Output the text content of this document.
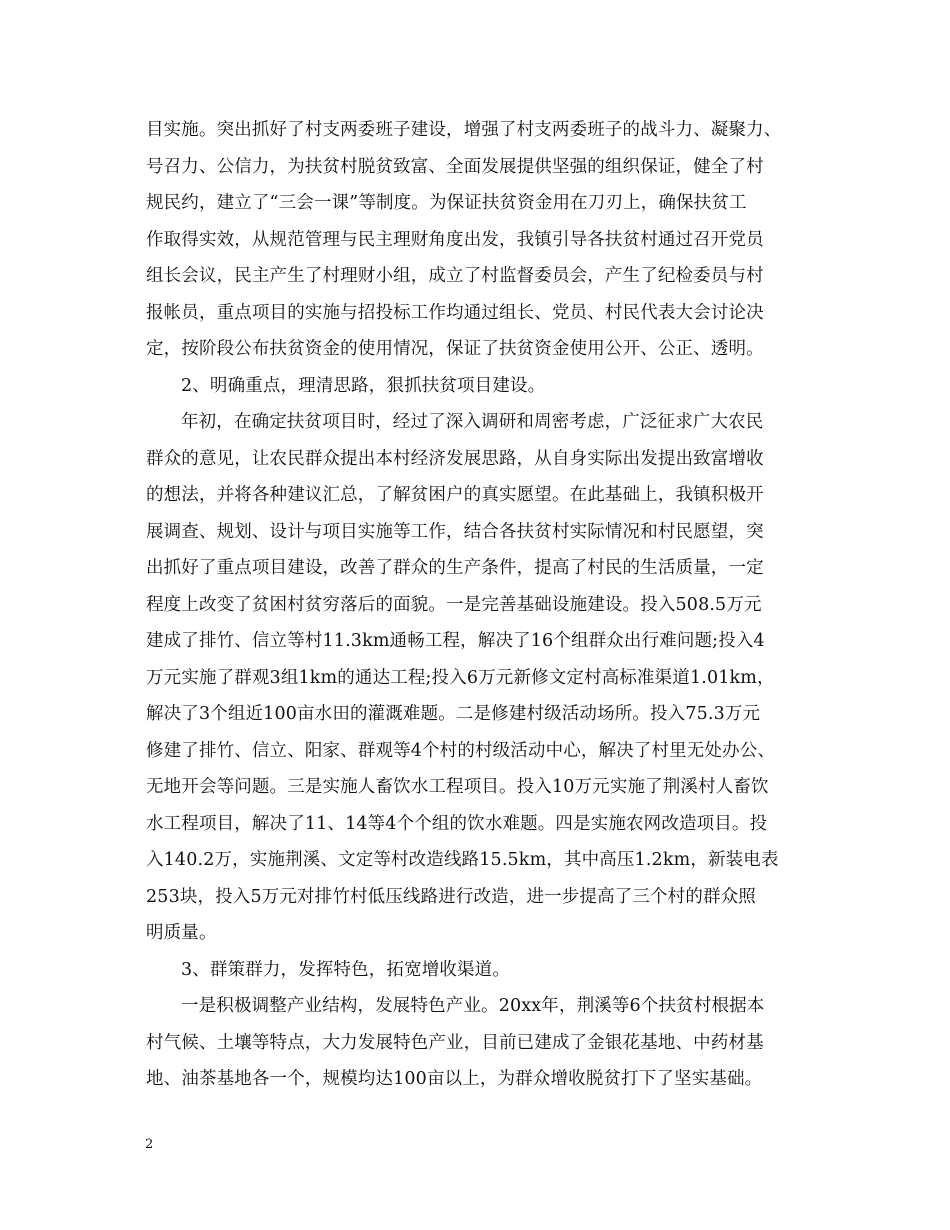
目实施。突出抓好了村支两委班子建设，增强了村支两委班子的战斗力、凝聚力、
号召力、公信力，为扶贫村脱贫致富、全面发展提供坚强的组织保证，健全了村
规民约，建立了“三会一课”等制度。为保证扶贫资金用在刀刃上，确保扶贫工
作取得实效，从规范管理与民主理财角度出发，我镇引导各扶贫村通过召开党员
组长会议，民主产生了村理财小组，成立了村监督委员会，产生了纪检委员与村
报帐员，重点项目的实施与招投标工作均通过组长、党员、村民代表大会讨论决
定，按阶段公布扶贫资金的使用情况，保证了扶贫资金使用公开、公正、透明。
2、明确重点，理清思路，狠抓扶贫项目建设。
年初，在确定扶贫项目时，经过了深入调研和周密考虑，广泛征求广大农民
群众的意见，让农民群众提出本村经济发展思路，从自身实际出发提出致富增收
的想法，并将各种建议汇总，了解贫困户的真实愿望。在此基础上，我镇积极开
展调查、规划、设计与项目实施等工作，结合各扶贫村实际情况和村民愿望，突
出抓好了重点项目建设，改善了群众的生产条件，提高了村民的生活质量，一定
程度上改变了贫困村贫穷落后的面貌。一是完善基础设施建设。投入508.5万元
建成了排竹、信立等村11.3km通畅工程，解决了16个组群众出行难问题;投入4
万元实施了群观3组1km的通达工程;投入6万元新修文定村高标准渠道1.01km，
解决了3个组近100亩水田的灌溉难题。二是修建村级活动场所。投入75.3万元
修建了排竹、信立、阳家、群观等4个村的村级活动中心，解决了村里无处办公、
无地开会等问题。三是实施人畜饮水工程项目。投入10万元实施了荆溪村人畜饮
水工程项目，解决了11、14等4个个组的饮水难题。四是实施农网改造项目。投
入140.2万，实施荆溪、文定等村改造线路15.5km，其中高压1.2km，新装电表
253块，投入5万元对排竹村低压线路进行改造，进一步提高了三个村的群众照
明质量。
3、群策群力，发挥特色，拓宽增收渠道。
一是积极调整产业结构，发展特色产业。20xx年，荆溪等6个扶贫村根据本
村气候、土壤等特点，大力发展特色产业，目前已建成了金银花基地、中药材基
地、油茶基地各一个，规模均达100亩以上，为群众增收脱贫打下了坚实基础。
2
